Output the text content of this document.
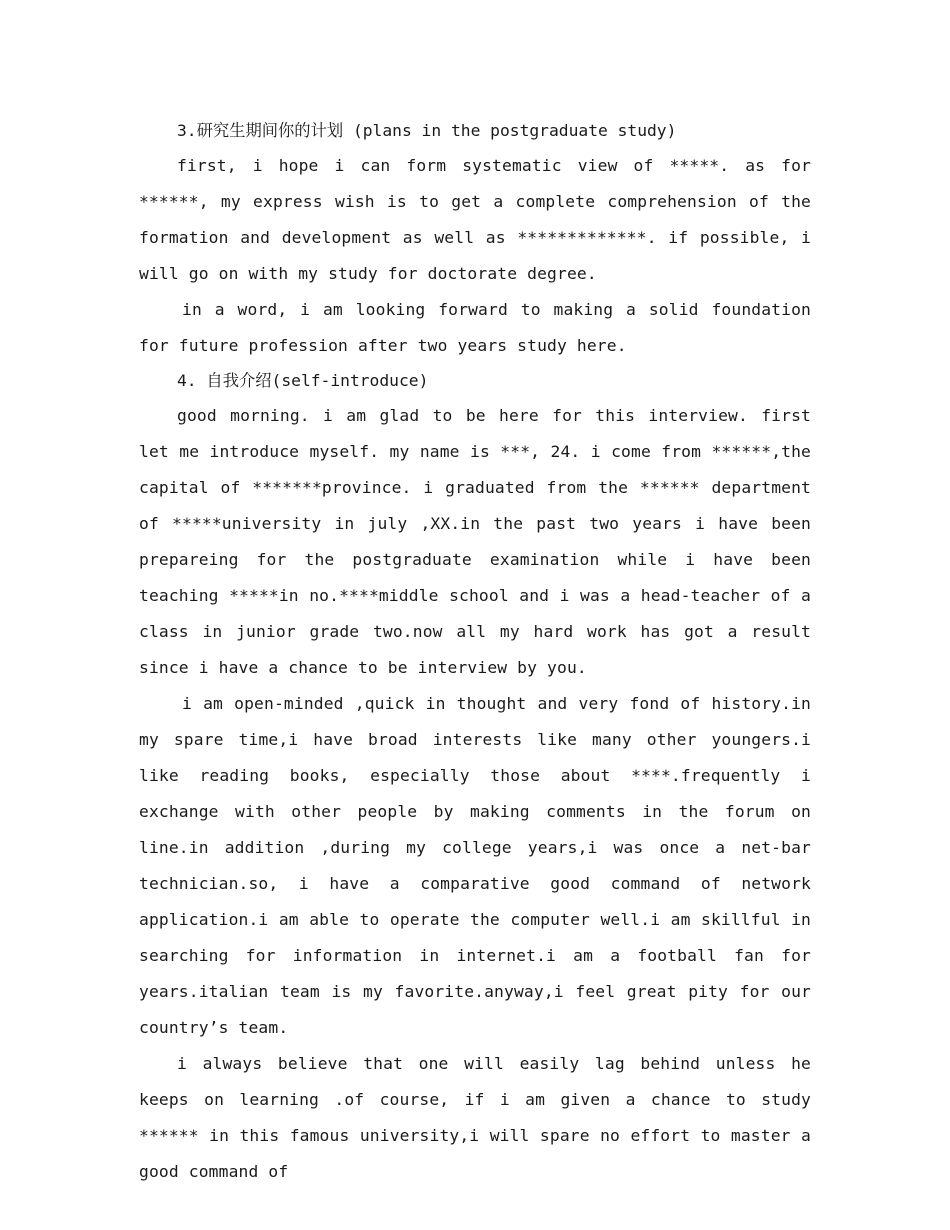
3.研究生期间你的计划 (plans in the postgraduate study)

first, i hope i can form systematic view of *****. as for ******, my express wish is to get a complete comprehension of the formation and development as well as *************. if possible, i will go on with my study for doctorate degree.

in a word, i am looking forward to making a solid foundation for future profession after two years study here.

4. 自我介绍(self-introduce)

good morning. i am glad to be here for this interview. first let me introduce myself. my name is ***, 24. i come from ******,the capital of *******province. i graduated from the ****** department of *****university in july ,XX.in the past two years i have been prepareing for the postgraduate examination while i have been teaching *****in no.****middle school and i was a head-teacher of a class in junior grade two.now all my hard work has got a result since i have a chance to be interview by you.

i am open-minded ,quick in thought and very fond of history.in my spare time,i have broad interests like many other youngers.i like reading books, especially those about ****.frequently i exchange with other people by making comments in the forum on line.in addition ,during my college years,i was once a net-bar technician.so, i have a comparative good command of network application.i am able to operate the computer well.i am skillful in searching for information in internet.i am a football fan for years.italian team is my favorite.anyway,i feel great pity for our country’s team.

i always believe that one will easily lag behind unless he keeps on learning .of course, if i am given a chance to study ****** in this famous university,i will spare no effort to master a good command of
